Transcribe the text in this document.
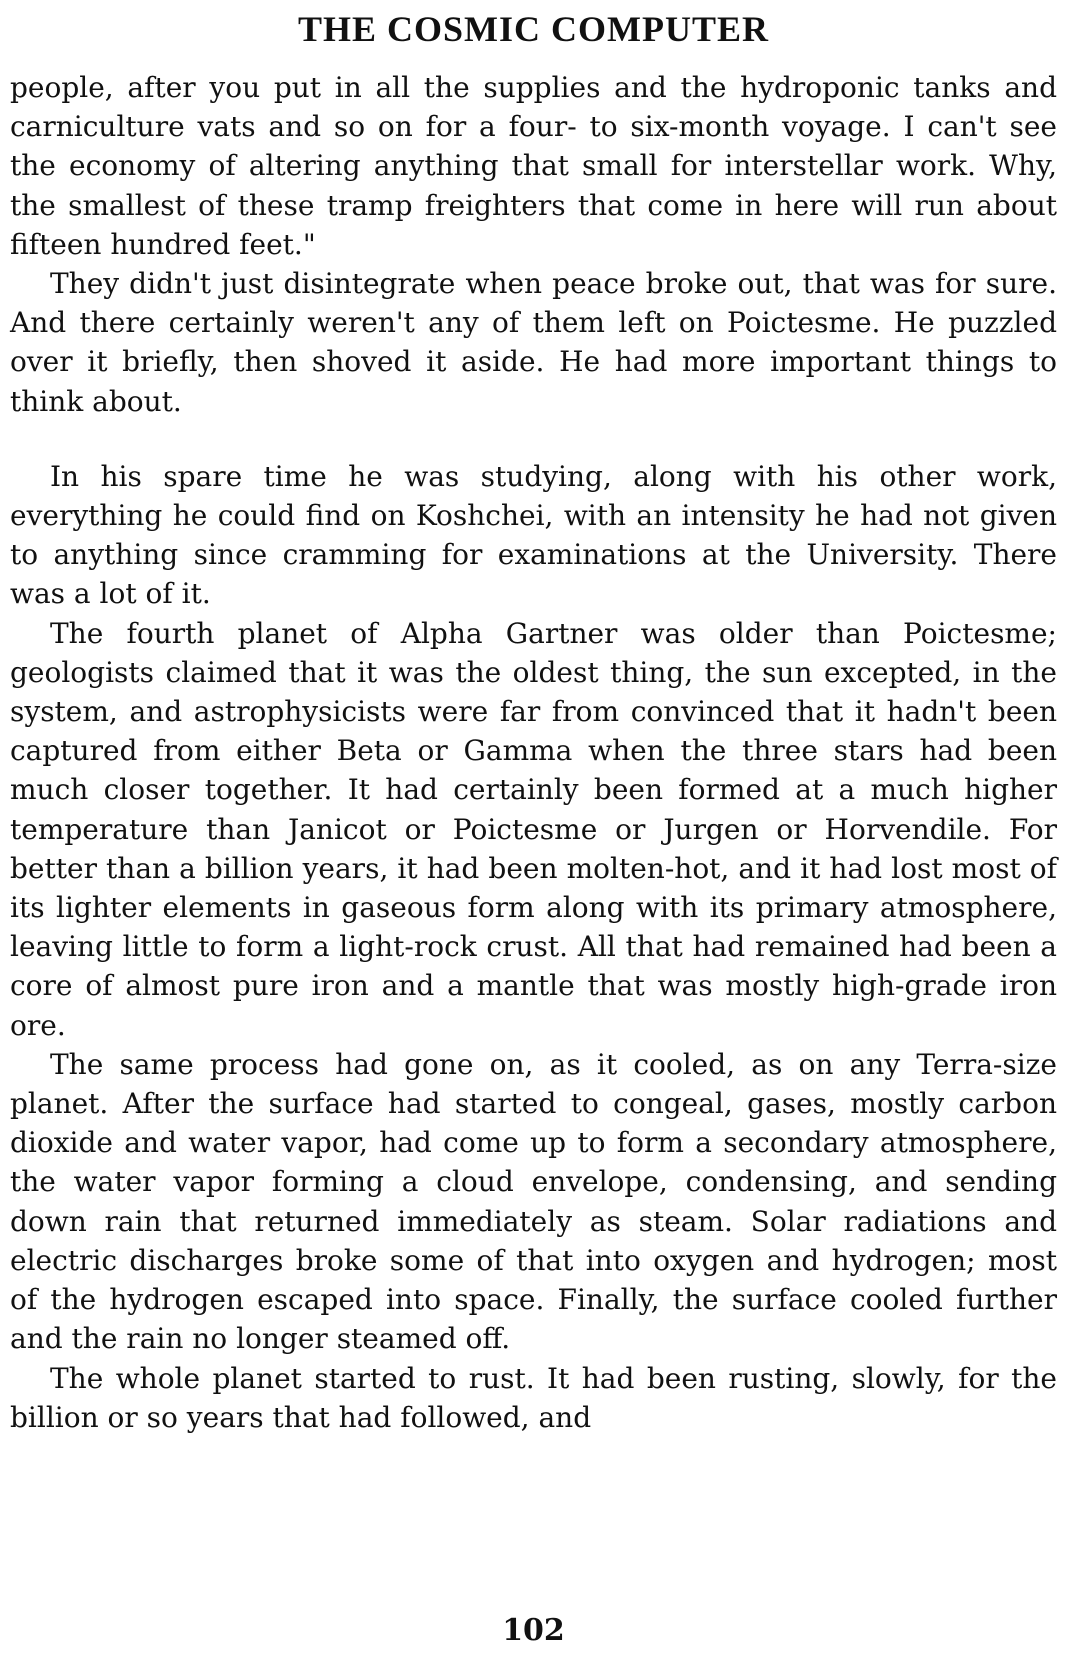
THE COSMIC COMPUTER

people, after you put in all the supplies and the hydroponic tanks and carniculture vats and so on for a four- to six-month voyage. I can't see the economy of altering anything that small for interstellar work. Why, the smallest of these tramp freighters that come in here will run about fifteen hundred feet."

They didn't just disintegrate when peace broke out, that was for sure. And there certainly weren't any of them left on Poictesme. He puzzled over it briefly, then shoved it aside. He had more important things to think about.

In his spare time he was studying, along with his other work, everything he could find on Koshchei, with an intensity he had not given to anything since cramming for examinations at the University. There was a lot of it.

The fourth planet of Alpha Gartner was older than Poictesme; geologists claimed that it was the oldest thing, the sun excepted, in the system, and astrophysicists were far from convinced that it hadn't been captured from either Beta or Gamma when the three stars had been much closer together. It had certainly been formed at a much higher temperature than Janicot or Poictesme or Jurgen or Horvendile. For better than a billion years, it had been molten-hot, and it had lost most of its lighter elements in gaseous form along with its primary atmosphere, leaving little to form a light-rock crust. All that had remained had been a core of almost pure iron and a mantle that was mostly high-grade iron ore.

The same process had gone on, as it cooled, as on any Terra-size planet. After the surface had started to congeal, gases, mostly carbon dioxide and water vapor, had come up to form a secondary atmosphere, the water vapor forming a cloud envelope, condensing, and sending down rain that returned immediately as steam. Solar radiations and electric discharges broke some of that into oxygen and hydrogen; most of the hydrogen escaped into space. Finally, the surface cooled further and the rain no longer steamed off.

The whole planet started to rust. It had been rusting, slowly, for the billion or so years that had followed, and

102
